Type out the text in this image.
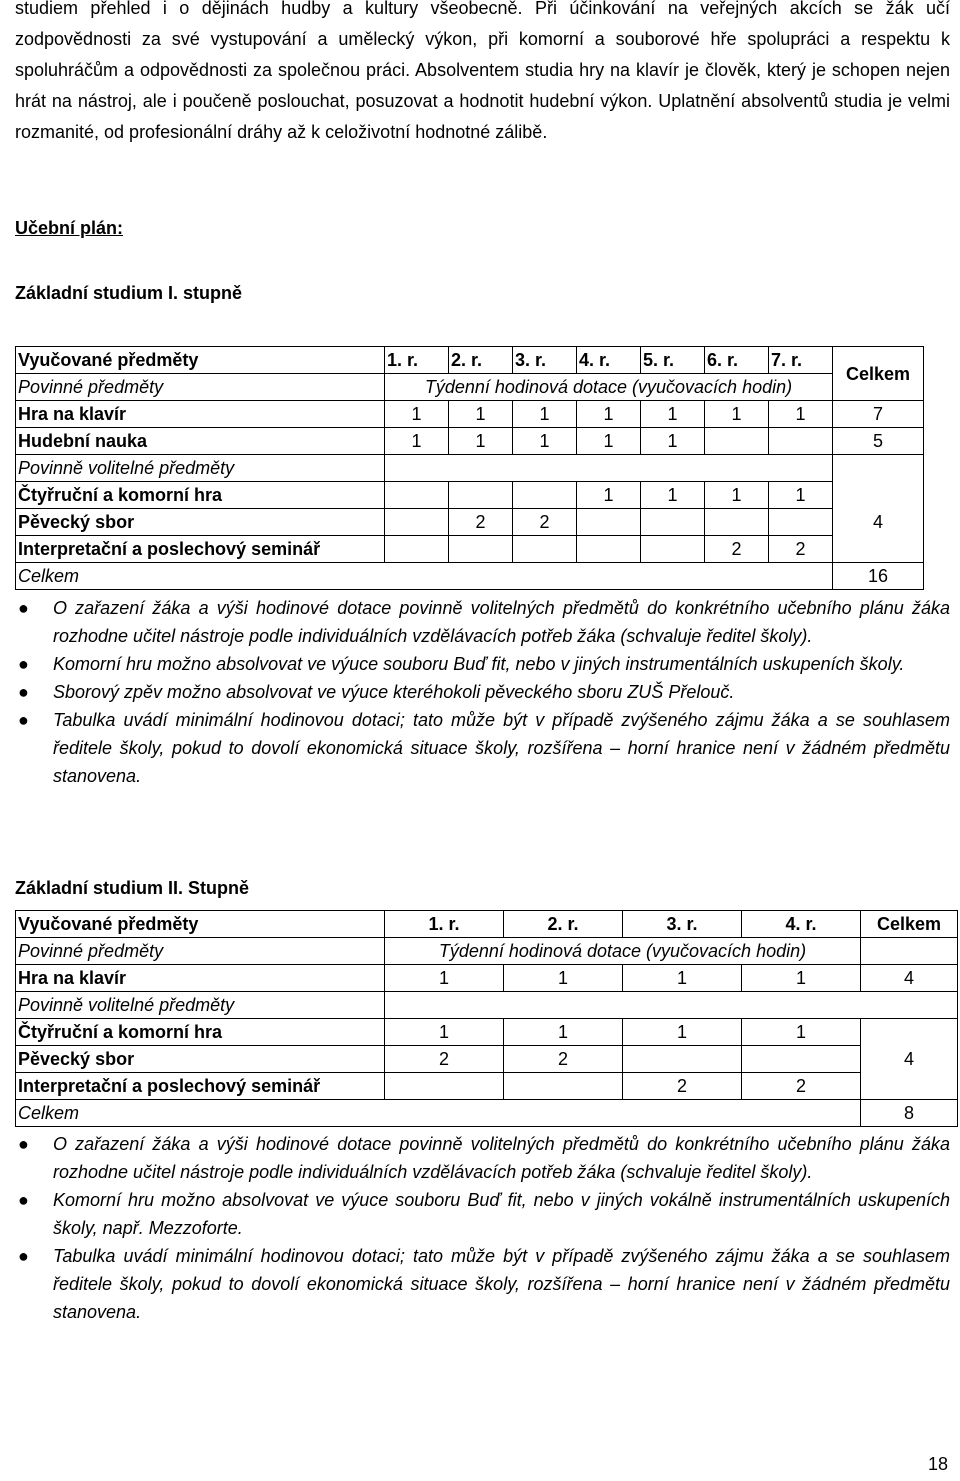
studiem přehled i o dějinách hudby a kultury všeobecně. Při účinkování na veřejných akcích se žák učí zodpovědnosti za své vystupování a umělecký výkon, při komorní a souborové hře spolupráci a respektu k spoluhráčům a odpovědnosti za společnou práci. Absolventem studia hry na klavír je člověk, který je schopen nejen hrát na nástroj, ale i poučeně poslouchat, posuzovat a hodnotit hudební výkon. Uplatnění absolventů studia je velmi rozmanité, od profesionální dráhy až k celoživotní hodnotné zálibě.

Učební plán:
Základní studium I. stupně
Vyučované předměty	1. r.	2. r.	3. r.	4. r.	5. r.	6. r.	7. r.	Celkem
Povinné předměty	Týdenní hodinová dotace (vyučovacích hodin)							
Hra na klavír	1	1	1	1	1	1	1	7
Hudební nauka	1	1	1	1	1			5
Povinně volitelné předměty								
Čtyřruční a komorní hra				1	1	1	1	4
Pěvecký sbor		2	2					
Interpretační a poslechový seminář						2	2	
Celkem								16
● O zařazení žáka a výši hodinové dotace povinně volitelných předmětů do konkrétního učebního plánu žáka rozhodne učitel nástroje podle individuálních vzdělávacích potřeb žáka (schvaluje ředitel školy).
● Komorní hru možno absolvovat ve výuce souboru Buď fit, nebo v jiných instrumentálních uskupeních školy.
● Sborový zpěv možno absolvovat ve výuce kteréhokoli pěveckého sboru ZUŠ Přelouč.
● Tabulka uvádí minimální hodinovou dotaci; tato může být v případě zvýšeného zájmu žáka a se souhlasem ředitele školy, pokud to dovolí ekonomická situace školy, rozšířena – horní hranice není v žádném předmětu stanovena.
Základní studium II. Stupně
Vyučované předměty	1. r.	2. r.	3. r.	4. r.	Celkem
Povinné předměty	Týdenní hodinová dotace (vyučovacích hodin)				
Hra na klavír	1	1	1	1	4
Povinně volitelné předměty					
Čtyřruční a komorní hra	1	1	1	1	4
Pěvecký sbor	2	2			
Interpretační a poslechový seminář			2	2	
Celkem					8
● O zařazení žáka a výši hodinové dotace povinně volitelných předmětů do konkrétního učebního plánu žáka rozhodne učitel nástroje podle individuálních vzdělávacích potřeb žáka (schvaluje ředitel školy).
● Komorní hru možno absolvovat ve výuce souboru Buď fit, nebo v jiných vokálně instrumentálních uskupeních školy, např. Mezzoforte.
● Tabulka uvádí minimální hodinovou dotaci; tato může být v případě zvýšeného zájmu žáka a se souhlasem ředitele školy, pokud to dovolí ekonomická situace školy, rozšířena – horní hranice není v žádném předmětu stanovena.
18
